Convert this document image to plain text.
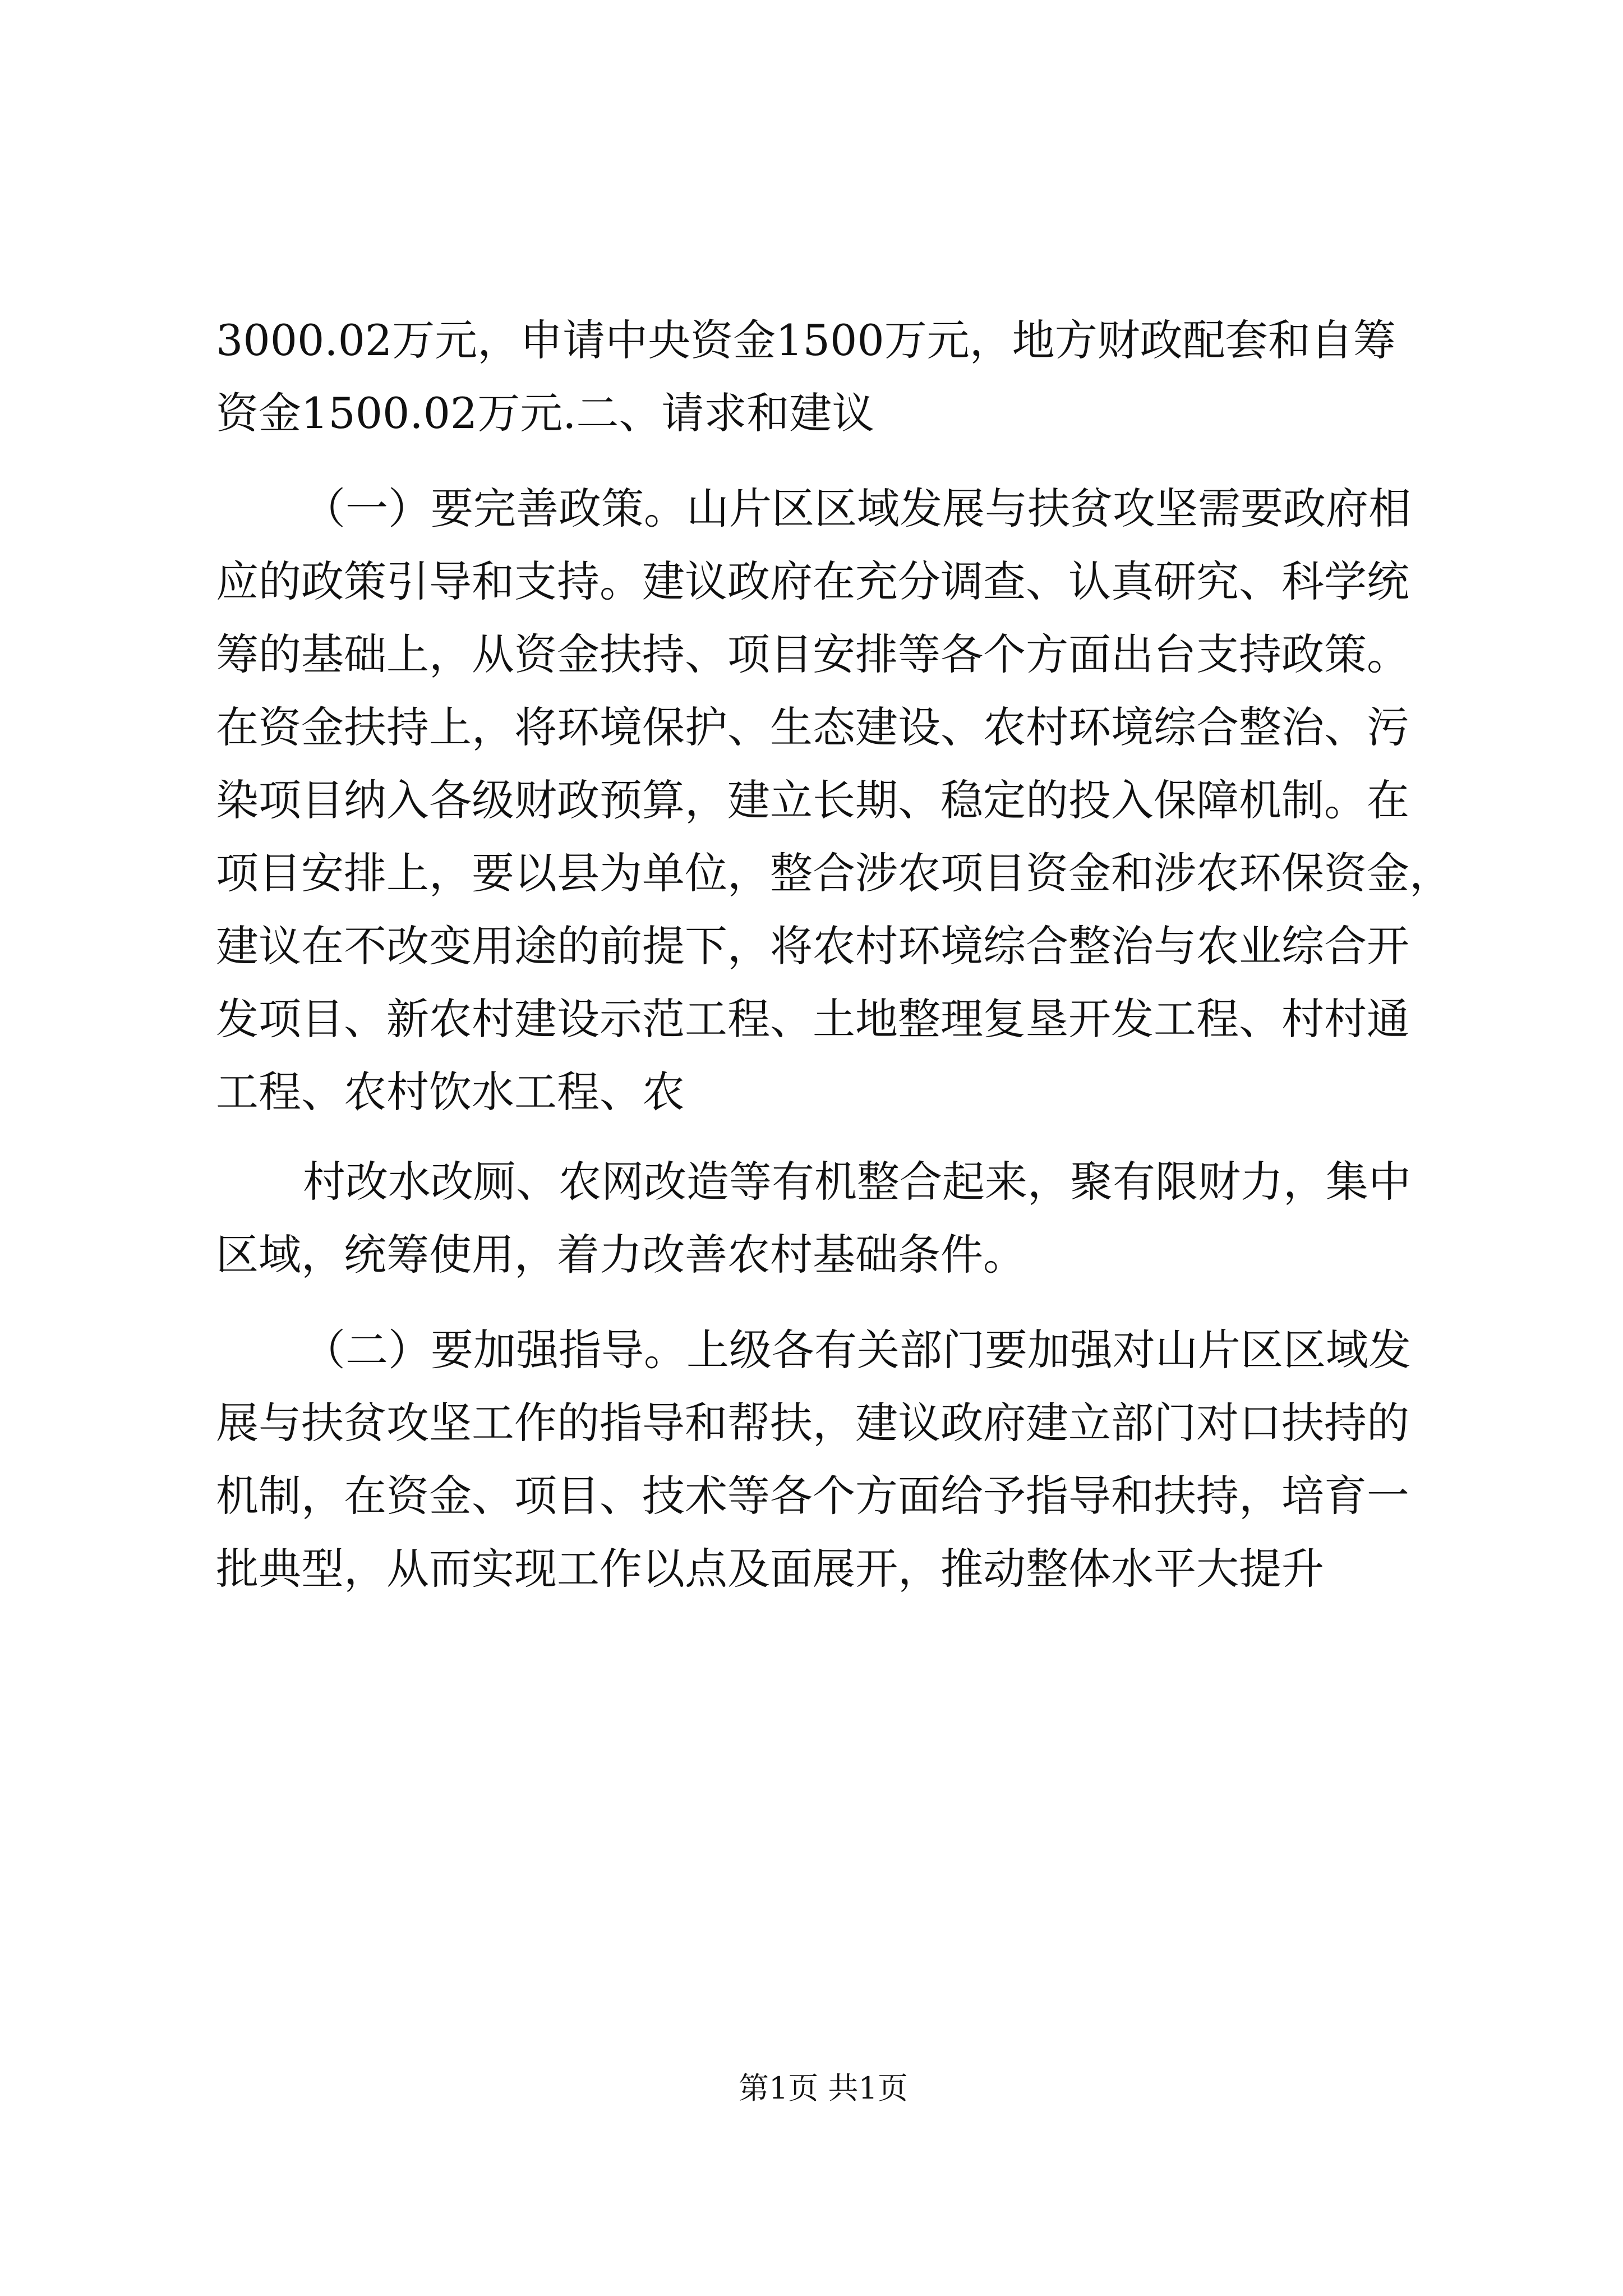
3000.02万元，申请中央资金1500万元，地方财政配套和自筹
资金1500.02万元.二、请求和建议
（一）要完善政策。山片区区域发展与扶贫攻坚需要政府相
应的政策引导和支持。建议政府在充分调查、认真研究、科学统
筹的基础上，从资金扶持、项目安排等各个方面出台支持政策。
在资金扶持上，将环境保护、生态建设、农村环境综合整治、污
染项目纳入各级财政预算，建立长期、稳定的投入保障机制。在
项目安排上，要以县为单位，整合涉农项目资金和涉农环保资金，
建议在不改变用途的前提下，将农村环境综合整治与农业综合开
发项目、新农村建设示范工程、土地整理复垦开发工程、村村通
工程、农村饮水工程、农
村改水改厕、农网改造等有机整合起来，聚有限财力，集中
区域，统筹使用，着力改善农村基础条件。
（二）要加强指导。上级各有关部门要加强对山片区区域发
展与扶贫攻坚工作的指导和帮扶，建议政府建立部门对口扶持的
机制，在资金、项目、技术等各个方面给予指导和扶持，培育一
批典型，从而实现工作以点及面展开，推动整体水平大提升
第1页 共1页
